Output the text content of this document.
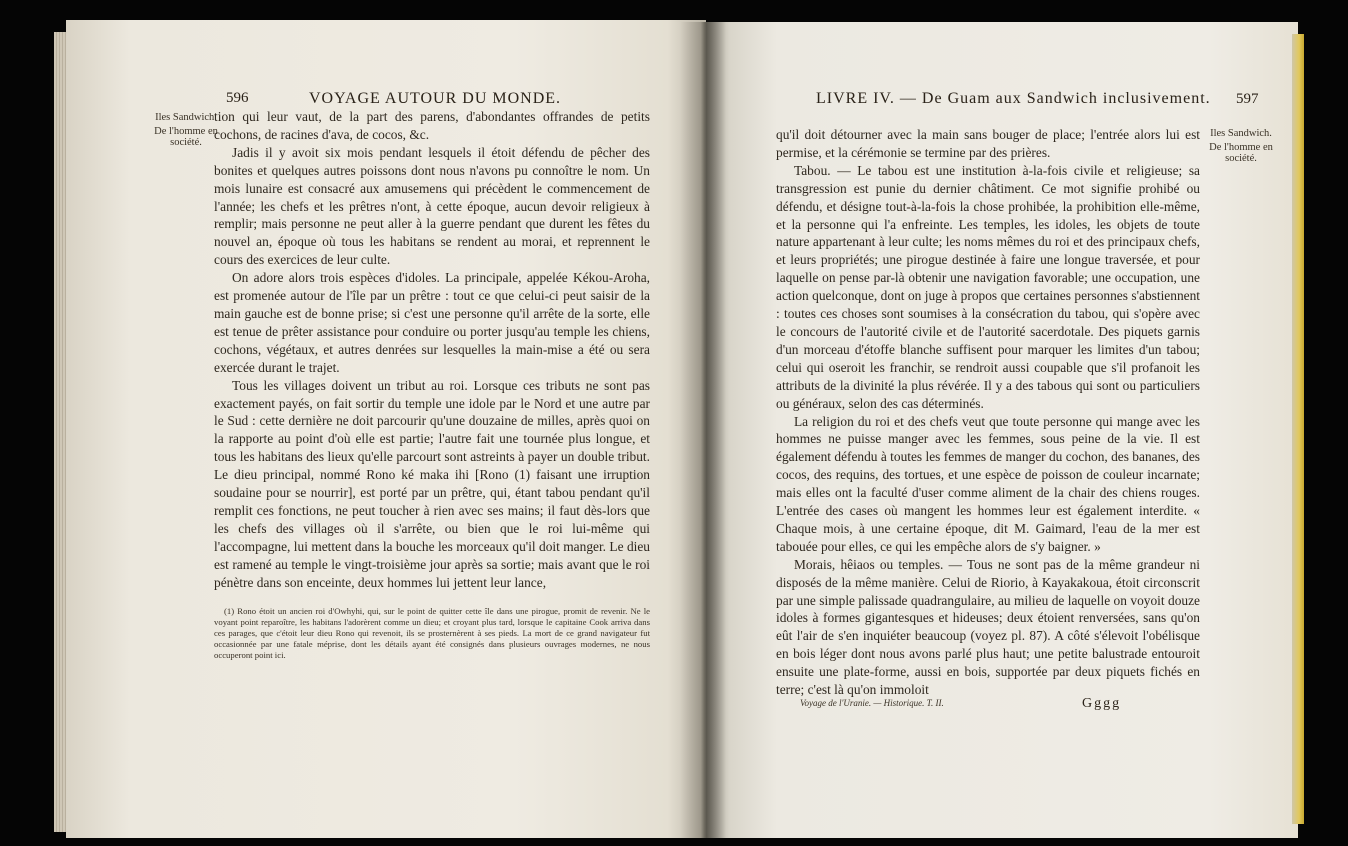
596	VOYAGE AUTOUR DU MONDE.
Iles Sandwich.
De l'homme en société.

tion qui leur vaut, de la part des parens, d'abondantes offrandes de petits cochons, de racines d'ava, de cocos, &c.

Jadis il y avoit six mois pendant lesquels il étoit défendu de pêcher des bonites et quelques autres poissons dont nous n'avons pu connoître le nom. Un mois lunaire est consacré aux amusemens qui précèdent le commencement de l'année; les chefs et les prêtres n'ont, à cette époque, aucun devoir religieux à remplir; mais personne ne peut aller à la guerre pendant que durent les fêtes du nouvel an, époque où tous les habitans se rendent au morai, et reprennent le cours des exercices de leur culte.

On adore alors trois espèces d'idoles. La principale, appelée Kékou-Aroha, est promenée autour de l'île par un prêtre : tout ce que celui-ci peut saisir de la main gauche est de bonne prise; si c'est une personne qu'il arrête de la sorte, elle est tenue de prêter assistance pour conduire ou porter jusqu'au temple les chiens, cochons, végétaux, et autres denrées sur lesquelles la main-mise a été ou sera exercée durant le trajet.

Tous les villages doivent un tribut au roi. Lorsque ces tributs ne sont pas exactement payés, on fait sortir du temple une idole par le Nord et une autre par le Sud : cette dernière ne doit parcourir qu'une douzaine de milles, après quoi on la rapporte au point d'où elle est partie; l'autre fait une tournée plus longue, et tous les habitans des lieux qu'elle parcourt sont astreints à payer un double tribut. Le dieu principal, nommé Rono ké maka ihi [Rono (1) faisant une irruption soudaine pour se nourrir], est porté par un prêtre, qui, étant tabou pendant qu'il remplit ces fonctions, ne peut toucher à rien avec ses mains; il faut dès-lors que les chefs des villages où il s'arrête, ou bien que le roi lui-même qui l'accompagne, lui mettent dans la bouche les morceaux qu'il doit manger. Le dieu est ramené au temple le vingt-troisième jour après sa sortie; mais avant que le roi pénètre dans son enceinte, deux hommes lui jettent leur lance,

(1) Rono étoit un ancien roi d'Owhyhi, qui, sur le point de quitter cette île dans une pirogue, promit de revenir. Ne le voyant point reparoître, les habitans l'adorèrent comme un dieu; et croyant plus tard, lorsque le capitaine Cook arriva dans ces parages, que c'étoit leur dieu Rono qui revenoit, ils se prosternèrent à ses pieds. La mort de ce grand navigateur fut occasionnée par une fatale méprise, dont les détails ayant été consignés dans plusieurs ouvrages modernes, ne nous occuperont point ici.

LIVRE IV. — De Guam aux Sandwich inclusivement. 597
Iles Sandwich.
De l'homme en société.

qu'il doit détourner avec la main sans bouger de place; l'entrée alors lui est permise, et la cérémonie se termine par des prières.

Tabou. — Le tabou est une institution à-la-fois civile et religieuse; sa transgression est punie du dernier châtiment. Ce mot signifie prohibé ou défendu, et désigne tout-à-la-fois la chose prohibée, la prohibition elle-même, et la personne qui l'a enfreinte. Les temples, les idoles, les objets de toute nature appartenant à leur culte; les noms mêmes du roi et des principaux chefs, et leurs propriétés; une pirogue destinée à faire une longue traversée, et pour laquelle on pense par-là obtenir une navigation favorable; une occupation, une action quelconque, dont on juge à propos que certaines personnes s'abstiennent : toutes ces choses sont soumises à la consécration du tabou, qui s'opère avec le concours de l'autorité civile et de l'autorité sacerdotale. Des piquets garnis d'un morceau d'étoffe blanche suffisent pour marquer les limites d'un tabou; celui qui oseroit les franchir, se rendroit aussi coupable que s'il profanoit les attributs de la divinité la plus révérée. Il y a des tabous qui sont ou particuliers ou généraux, selon des cas déterminés.

La religion du roi et des chefs veut que toute personne qui mange avec les hommes ne puisse manger avec les femmes, sous peine de la vie. Il est également défendu à toutes les femmes de manger du cochon, des bananes, des cocos, des requins, des tortues, et une espèce de poisson de couleur incarnate; mais elles ont la faculté d'user comme aliment de la chair des chiens rouges. L'entrée des cases où mangent les hommes leur est également interdite. « Chaque mois, à une certaine époque, dit M. Gaimard, l'eau de la mer est tabouée pour elles, ce qui les empêche alors de s'y baigner. »

Morais, hêiaos ou temples. — Tous ne sont pas de la même grandeur ni disposés de la même manière. Celui de Riorio, à Kayakakoua, étoit circonscrit par une simple palissade quadrangulaire, au milieu de laquelle on voyoit douze idoles à formes gigantesques et hideuses; deux étoient renversées, sans qu'on eût l'air de s'en inquiéter beaucoup (voyez pl. 87). A côté s'élevoit l'obélisque en bois léger dont nous avons parlé plus haut; une petite balustrade entouroit ensuite une plate-forme, aussi en bois, supportée par deux piquets fichés en terre; c'est là qu'on immoloit

Voyage de l'Uranie. — Historique. T. II.	Gggg
